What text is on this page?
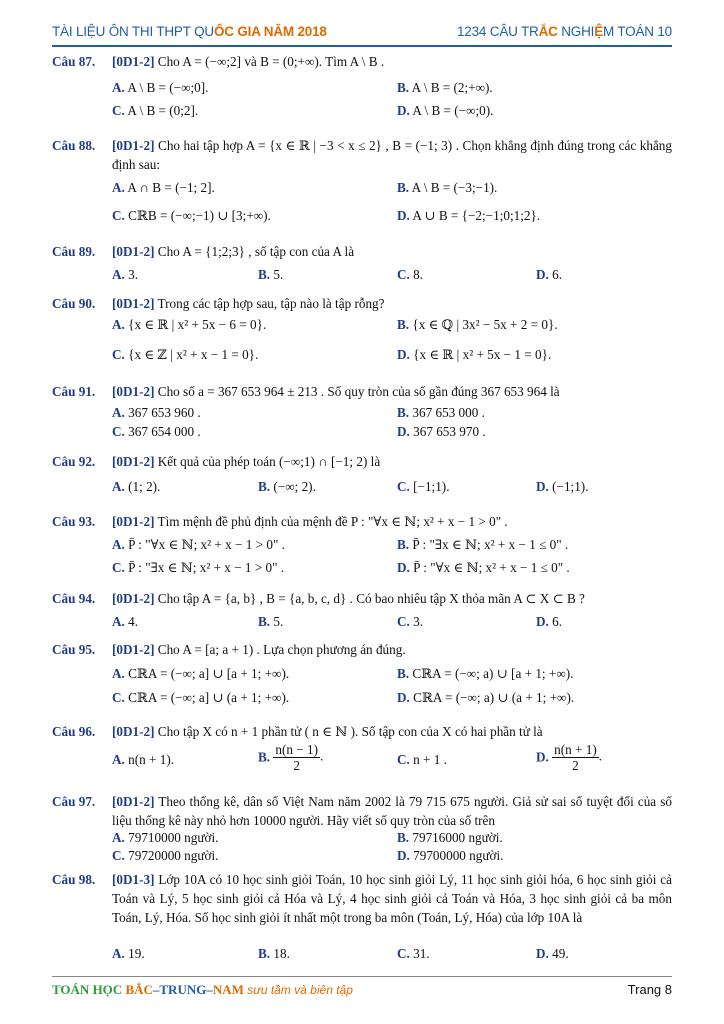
TÀI LIỆU ÔN THI THPT QUỐC GIA NĂM 2018	1234 CÂU TRẮC NGHIỆM TOÁN 10
Câu 87. [0D1-2] Cho A = (−∞;2] và B = (0;+∞). Tìm A \ B .
A. A \ B = (−∞;0].	B. A \ B = (2;+∞).
C. A \ B = (0;2].	D. A \ B = (−∞;0).
Câu 88. [0D1-2] Cho hai tập hợp A = {x ∈ ℝ | −3 < x ≤ 2} , B = (−1; 3) . Chọn khẳng định đúng trong các khẳng định sau:
A. A ∩ B = (−1; 2].	B. A \ B = (−3;−1).
C. CℝB = (−∞;−1) ∪ [3;+∞).	D. A ∪ B = {−2;−1;0;1;2}.
Câu 89. [0D1-2] Cho A = {1;2;3} , số tập con của A là
A. 3.	B. 5.	C. 8.	D. 6.
Câu 90. [0D1-2] Trong các tập hợp sau, tập nào là tập rỗng?
A. {x ∈ ℝ | x² + 5x − 6 = 0}.	B. {x ∈ ℚ | 3x² − 5x + 2 = 0}.
C. {x ∈ ℤ | x² + x − 1 = 0}.	D. {x ∈ ℝ | x² + 5x − 1 = 0}.
Câu 91. [0D1-2] Cho số a = 367 653 964 ± 213 . Số quy tròn của số gần đúng 367 653 964 là
A. 367 653 960 .	B. 367 653 000 .
C. 367 654 000 .	D. 367 653 970 .
Câu 92. [0D1-2] Kết quả của phép toán (−∞;1) ∩ [−1; 2) là
A. (1; 2).	B. (−∞; 2).	C. [−1;1).	D. (−1;1).
Câu 93. [0D1-2] Tìm mệnh đề phủ định của mệnh đề P : "∀x ∈ ℕ; x² + x − 1 > 0" .
A. P̄ : "∀x ∈ ℕ; x² + x − 1 > 0" .	B. P̄ : "∃x ∈ ℕ; x² + x − 1 ≤ 0" .
C. P̄ : "∃x ∈ ℕ; x² + x − 1 > 0" .	D. P̄ : "∀x ∈ ℕ; x² + x − 1 ≤ 0" .
Câu 94. [0D1-2] Cho tập A = {a, b} , B = {a, b, c, d} . Có bao nhiêu tập X thỏa mãn A ⊂ X ⊂ B ?
A. 4.	B. 5.	C. 3.	D. 6.
Câu 95. [0D1-2] Cho A = [a; a + 1) . Lựa chọn phương án đúng.
A. CℝA = (−∞; a] ∪ [a + 1; +∞).	B. CℝA = (−∞; a) ∪ [a + 1; +∞).
C. CℝA = (−∞; a] ∪ (a + 1; +∞).	D. CℝA = (−∞; a) ∪ (a + 1; +∞).
Câu 96. [0D1-2] Cho tập X có n + 1 phần tử ( n ∈ ℕ ). Số tập con của X có hai phần tử là
A. n(n + 1).	B. $\frac{n(n - 1)}{2}$ .	C. n + 1 .	D. $\frac{n(n + 1)}{2}$ .
Câu 97. [0D1-2] Theo thống kê, dân số Việt Nam năm 2002 là 79 715 675 người. Giả sử sai số tuyệt đối của số liệu thống kê này nhỏ hơn 10000 người. Hãy viết số quy tròn của số trên
A. 79710000 người.	B. 79716000 người.
C. 79720000 người.	D. 79700000 người.
Câu 98. [0D1-3] Lớp 10A có 10 học sinh giỏi Toán, 10 học sinh giỏi Lý, 11 học sinh giỏi hóa, 6 học sinh giỏi cả Toán và Lý, 5 học sinh giỏi cả Hóa và Lý, 4 học sinh giỏi cả Toán và Hóa, 3 học sinh giỏi cả ba môn Toán, Lý, Hóa. Số học sinh giỏi ít nhất một trong ba môn (Toán, Lý, Hóa) của lớp 10A là
A. 19.	B. 18.	C. 31.	D. 49.
TOÁN HỌC BẮC–TRUNG–NAM sưu tầm và biên tập	Trang 8
